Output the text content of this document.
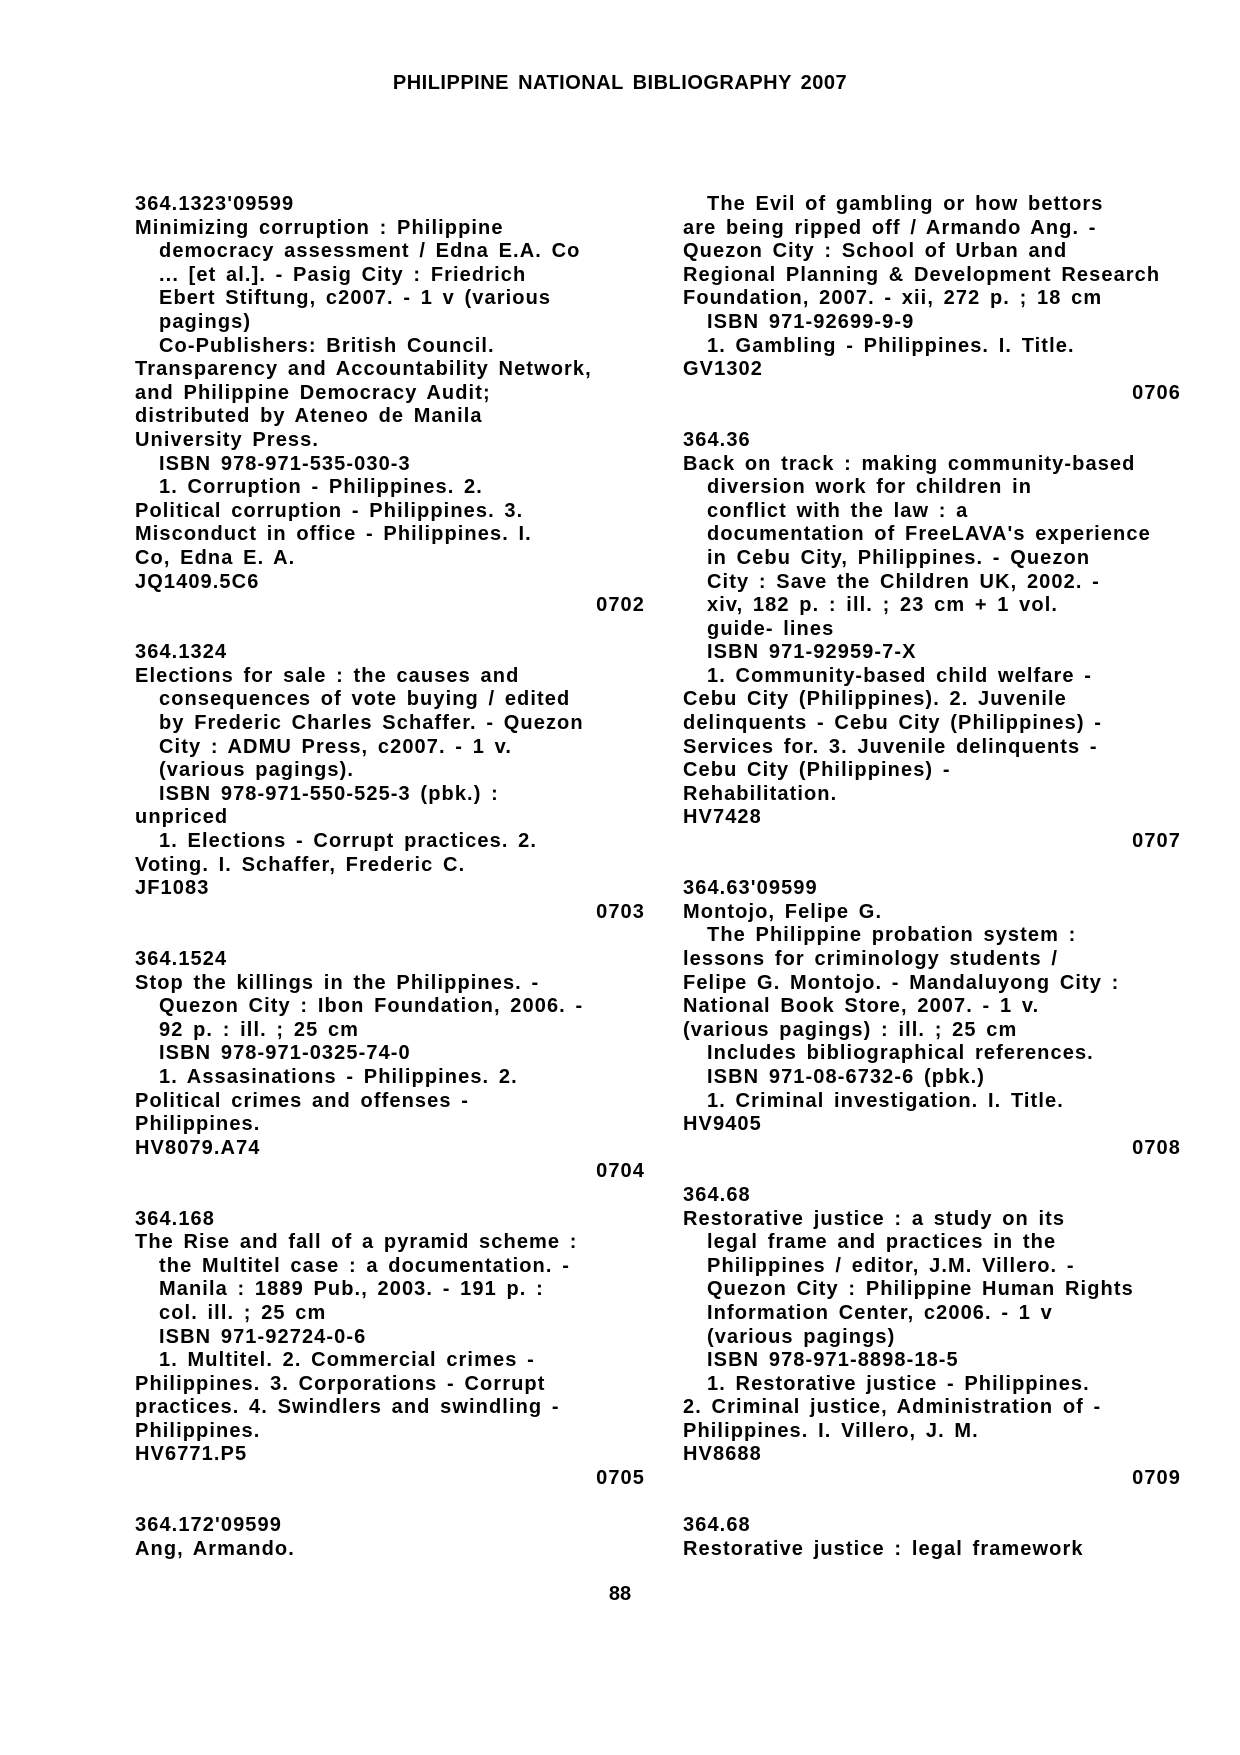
PHILIPPINE NATIONAL BIBLIOGRAPHY 2007
364.1323'09599
Minimizing corruption : Philippine
democracy assessment / Edna E.A. Co
... [et al.]. - Pasig City : Friedrich
Ebert Stiftung, c2007. - 1 v (various
pagings)
Co-Publishers: British Council.
Transparency and Accountability Network,
and Philippine Democracy Audit;
distributed by Ateneo de Manila
University Press.
ISBN 978-971-535-030-3
1. Corruption - Philippines. 2.
Political corruption - Philippines. 3.
Misconduct in office - Philippines. I.
Co, Edna E. A.
JQ1409.5C6
0702
364.1324
Elections for sale : the causes and
consequences of vote buying / edited
by Frederic Charles Schaffer. - Quezon
City : ADMU Press, c2007. - 1 v.
(various pagings).
ISBN 978-971-550-525-3 (pbk.) :
unpriced
1. Elections - Corrupt practices. 2.
Voting. I. Schaffer, Frederic C.
JF1083
0703
364.1524
Stop the killings in the Philippines. -
Quezon City : Ibon Foundation, 2006. -
92 p. : ill. ; 25 cm
ISBN 978-971-0325-74-0
1. Assasinations - Philippines. 2.
Political crimes and offenses -
Philippines.
HV8079.A74
0704
364.168
The Rise and fall of a pyramid scheme :
the Multitel case : a documentation. -
Manila : 1889 Pub., 2003. - 191 p. :
col. ill. ; 25 cm
ISBN 971-92724-0-6
1. Multitel. 2. Commercial crimes -
Philippines. 3. Corporations - Corrupt
practices. 4. Swindlers and swindling -
Philippines.
HV6771.P5
0705
364.172'09599
Ang, Armando.
The Evil of gambling or how bettors
are being ripped off / Armando Ang. -
Quezon City : School of Urban and
Regional Planning & Development Research
Foundation, 2007. - xii, 272 p. ; 18 cm
ISBN 971-92699-9-9
1. Gambling - Philippines. I. Title.
GV1302
0706
364.36
Back on track : making community-based
diversion work for children in
conflict with the law : a
documentation of FreeLAVA's experience
in Cebu City, Philippines. - Quezon
City : Save the Children UK, 2002. -
xiv, 182 p. : ill. ; 23 cm + 1 vol.
guide- lines
ISBN 971-92959-7-X
1. Community-based child welfare -
Cebu City (Philippines). 2. Juvenile
delinquents - Cebu City (Philippines) -
Services for. 3. Juvenile delinquents -
Cebu City (Philippines) -
Rehabilitation.
HV7428
0707
364.63'09599
Montojo, Felipe G.
The Philippine probation system :
lessons for criminology students /
Felipe G. Montojo. - Mandaluyong City :
National Book Store, 2007. - 1 v.
(various pagings) : ill. ; 25 cm
Includes bibliographical references.
ISBN 971-08-6732-6 (pbk.)
1. Criminal investigation. I. Title.
HV9405
0708
364.68
Restorative justice : a study on its
legal frame and practices in the
Philippines / editor, J.M. Villero. -
Quezon City : Philippine Human Rights
Information Center, c2006. - 1 v
(various pagings)
ISBN 978-971-8898-18-5
1. Restorative justice - Philippines.
2. Criminal justice, Administration of -
Philippines. I. Villero, J. M.
HV8688
0709
364.68
Restorative justice : legal framework
88
